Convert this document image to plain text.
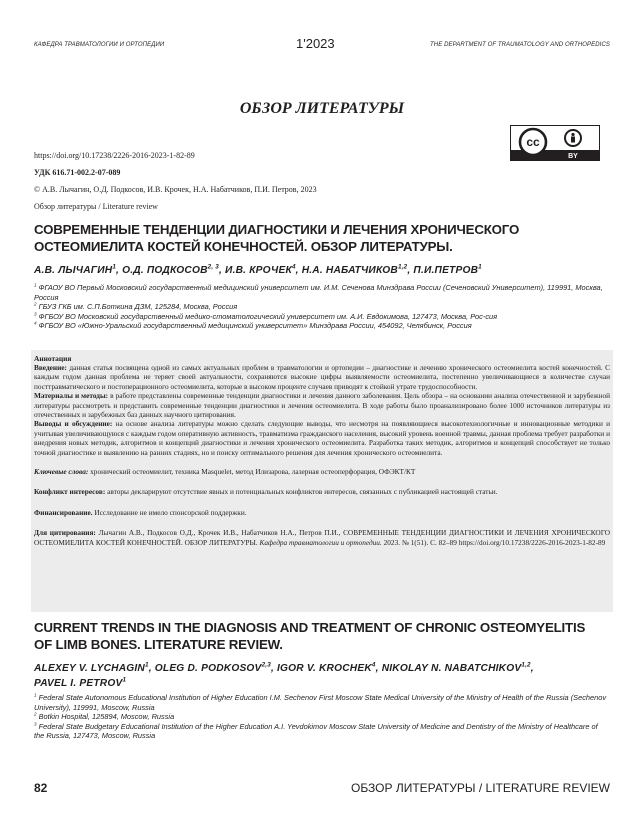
КАФЕДРА ТРАВМАТОЛОГИИ И ОРТОПЕДИИ	1'2023	THE DEPARTMENT OF TRAUMATOLOGY AND ORTHOPEDICS
ОБЗОР ЛИТЕРАТУРЫ
cc
BY
https://doi.org/10.17238/2226-2016-2023-1-82-89
УДК 616.71-002.2-07-089
© А.В. Лычагин, О.Д. Подкосов, И.В. Крочек, Н.А. Набатчиков, П.И. Петров, 2023
Обзор литературы / Literature review
СОВРЕМЕННЫЕ ТЕНДЕНЦИИ ДИАГНОСТИКИ И ЛЕЧЕНИЯ ХРОНИЧЕСКОГО ОСТЕОМИЕЛИТА КОСТЕЙ КОНЕЧНОСТЕЙ. ОБЗОР ЛИТЕРАТУРЫ.
А.В. ЛЫЧАГИН$^1$, О.Д. ПОДКОСОВ$^{2, 3}$, И.В. КРОЧЕК$^4$, Н.А. НАБАТЧИКОВ$^{1,2}$, П.И.ПЕТРОВ$^1$
$^1$ ФГАОУ ВО Первый Московский государственный медицинский университет им. И.М. Сеченова Минздрава России (Сеченовский Университет), 119991, Москва, Россия
$^2$ ГБУЗ ГКБ им. С.П.Боткина ДЗМ, 125284, Москва, Россия
$^3$ ФГБОУ ВО Московский государственный медико-стоматологический университет им. А.И. Евдокимова, 127473, Москва, Рос-сия
$^4$ ФГБОУ ВО «Южно-Уральский государственный медицинский университет» Минздрава России, 454092, Челябинск, Россия
Аннотация
Введение: данная статья посвящена одной из самых актуальных проблем в травматологии и ортопедии – диагностике и лечению хронического остеомиелита костей конечностей. С каждым годом данная проблема не теряет своей актуальности, сохраняются высокие цифры выявляемости остеомиелита, постепенно увеличивающиеся в количестве случаи посттравматического и постоперационного остеомиелита, которые в высоком проценте случаев приводят к стойкой утрате трудоспособности.
Материалы и методы: в работе представлены современные тенденции диагностики и лечения данного заболевания. Цель обзора – на основании анализа отечественной и зарубежной литературы рассмотреть и представить современные тенденции диагностики и лечения остеомиелита. В ходе работы было проанализировано более 1000 источников литературы из отечественных и зарубежных баз данных научного цитирования.
Выводы и обсуждение: на основе анализа литературы можно сделать следующие выводы, что несмотря на появляющиеся высокотехнологичные и инновационные методики и учитывая увеличивающуюся с каждым годом оперативную активность, травматизма гражданского населения, высокий уровень военной травмы, данная проблема требует разработки и внедрения новых методик, алгоритмов и концепций диагностики и лечения хронического остеомиелита. Разработка таких методик, алгоритмов и концепций способствует не только точной диагностике и выявлению на ранних стадиях, но и поиску оптимального решения для лечения хронического остеомиелита.
Ключевые слова: хронический остеомиелит, техника Masquelet, метод Илизарова, лазерная остеоперфорация, ОФЭКТ/КТ
Конфликт интересов: авторы декларируют отсутствие явных и потенциальных конфликтов интересов, связанных с публикацией настоящей статьи.
Финансирование. Исследование не имело спонсорской поддержки.
Для цитирования: Лычагин А.В., Подкосов О.Д., Крочек И.В., Набатчиков Н.А., Петров П.И., СОВРЕМЕННЫЕ ТЕНДЕНЦИИ ДИАГНОСТИКИ И ЛЕЧЕНИЯ ХРОНИЧЕСКОГО ОСТЕОМИЕЛИТА КОСТЕЙ КОНЕЧНОСТЕЙ. ОБЗОР ЛИТЕРАТУРЫ. Кафедра травматологии и ортопедии. 2023. № 1(51). С. 82–89 https://doi.org/10.17238/2226-2016-2023-1-82-89
CURRENT TRENDS IN THE DIAGNOSIS AND TREATMENT OF CHRONIC OSTEOMYELITIS OF LIMB BONES. LITERATURE REVIEW.
ALEXEY V. LYCHAGIN$^1$, OLEG D. PODKOSOV$^{2,3}$, IGOR V. KROCHEK$^4$, NIKOLAY N. NABATCHIKOV$^{1,2}$,
PAVEL I. PETROV$^1$
$^1$ Federal State Autonomous Educational Institution of Higher Education I.M. Sechenov First Moscow State Medical University of the Ministry of Health of the Russia (Sechenov University), 119991, Moscow, Russia
$^2$ Botkin Hospital, 125894, Moscow, Russia
$^3$ Federal State Budgetary Educational Institution of the Higher Education A.I. Yevdokimov Moscow State University of Medicine and Dentistry of the Ministry of Healthcare of the Russia, 127473, Moscow, Russia
82	ОБЗОР ЛИТЕРАТУРЫ / LITERATURE REVIEW
